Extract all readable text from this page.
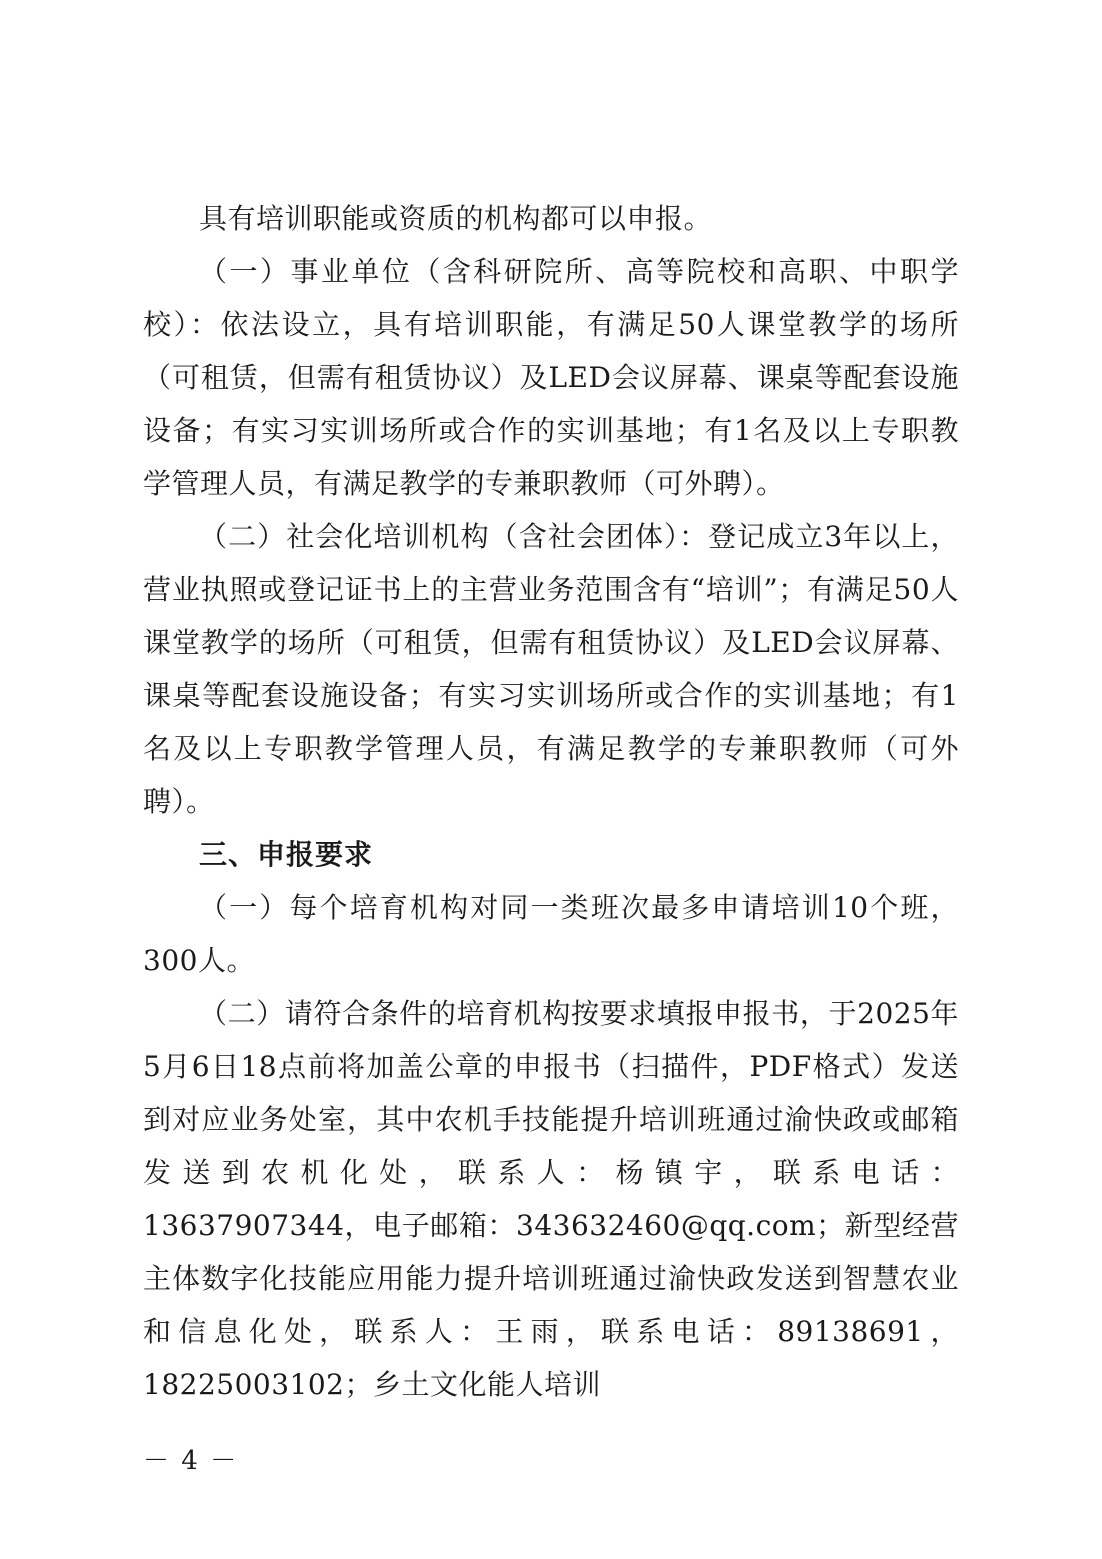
具有培训职能或资质的机构都可以申报。

（一）事业单位（含科研院所、高等院校和高职、中职学校）：依法设立，具有培训职能，有满足50人课堂教学的场所（可租赁，但需有租赁协议）及LED会议屏幕、课桌等配套设施设备；有实习实训场所或合作的实训基地；有1名及以上专职教学管理人员，有满足教学的专兼职教师（可外聘）。

（二）社会化培训机构（含社会团体）：登记成立3年以上，营业执照或登记证书上的主营业务范围含有“培训”；有满足50人课堂教学的场所（可租赁，但需有租赁协议）及LED会议屏幕、课桌等配套设施设备；有实习实训场所或合作的实训基地；有1名及以上专职教学管理人员，有满足教学的专兼职教师（可外聘）。

三、申报要求

（一）每个培育机构对同一类班次最多申请培训10个班，300人。

（二）请符合条件的培育机构按要求填报申报书，于2025年5月6日18点前将加盖公章的申报书（扫描件，PDF格式）发送到对应业务处室，其中农机手技能提升培训班通过渝快政或邮箱发送到农机化处，联系人：杨镇宇，联系电话：13637907344，电子邮箱：343632460@qq.com；新型经营主体数字化技能应用能力提升培训班通过渝快政发送到智慧农业和信息化处，联系人：王雨，联系电话：89138691，18225003102；乡土文化能人培训

－ 4 －
